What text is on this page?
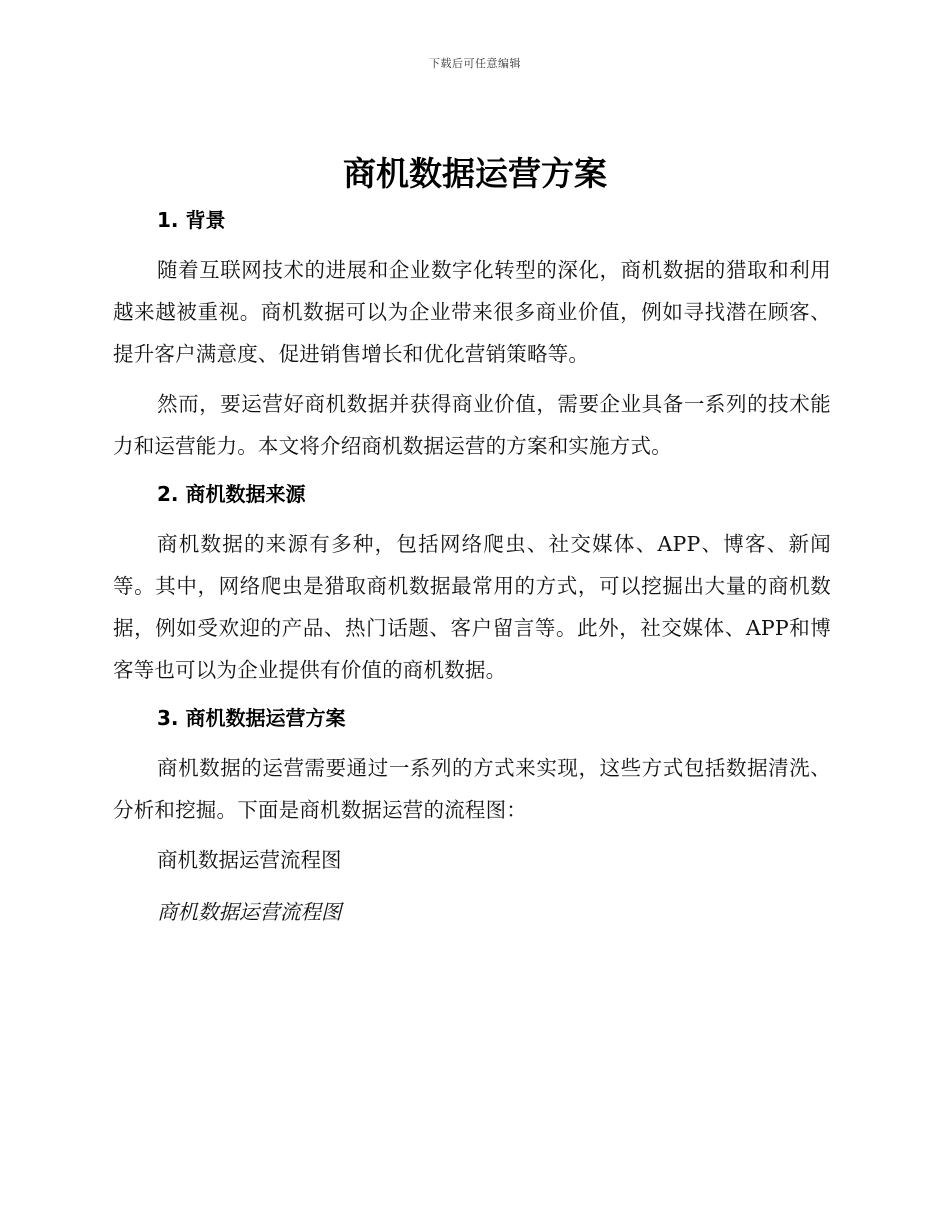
下载后可任意编辑
商机数据运营方案
1. 背景

随着互联网技术的进展和企业数字化转型的深化，商机数据的猎取和利用越来越被重视。商机数据可以为企业带来很多商业价值，例如寻找潜在顾客、提升客户满意度、促进销售增长和优化营销策略等。

然而，要运营好商机数据并获得商业价值，需要企业具备一系列的技术能力和运营能力。本文将介绍商机数据运营的方案和实施方式。

2. 商机数据来源

商机数据的来源有多种，包括网络爬虫、社交媒体、APP、博客、新闻等。其中，网络爬虫是猎取商机数据最常用的方式，可以挖掘出大量的商机数据，例如受欢迎的产品、热门话题、客户留言等。此外，社交媒体、APP和博客等也可以为企业提供有价值的商机数据。

3. 商机数据运营方案

商机数据的运营需要通过一系列的方式来实现，这些方式包括数据清洗、分析和挖掘。下面是商机数据运营的流程图：

商机数据运营流程图

商机数据运营流程图
